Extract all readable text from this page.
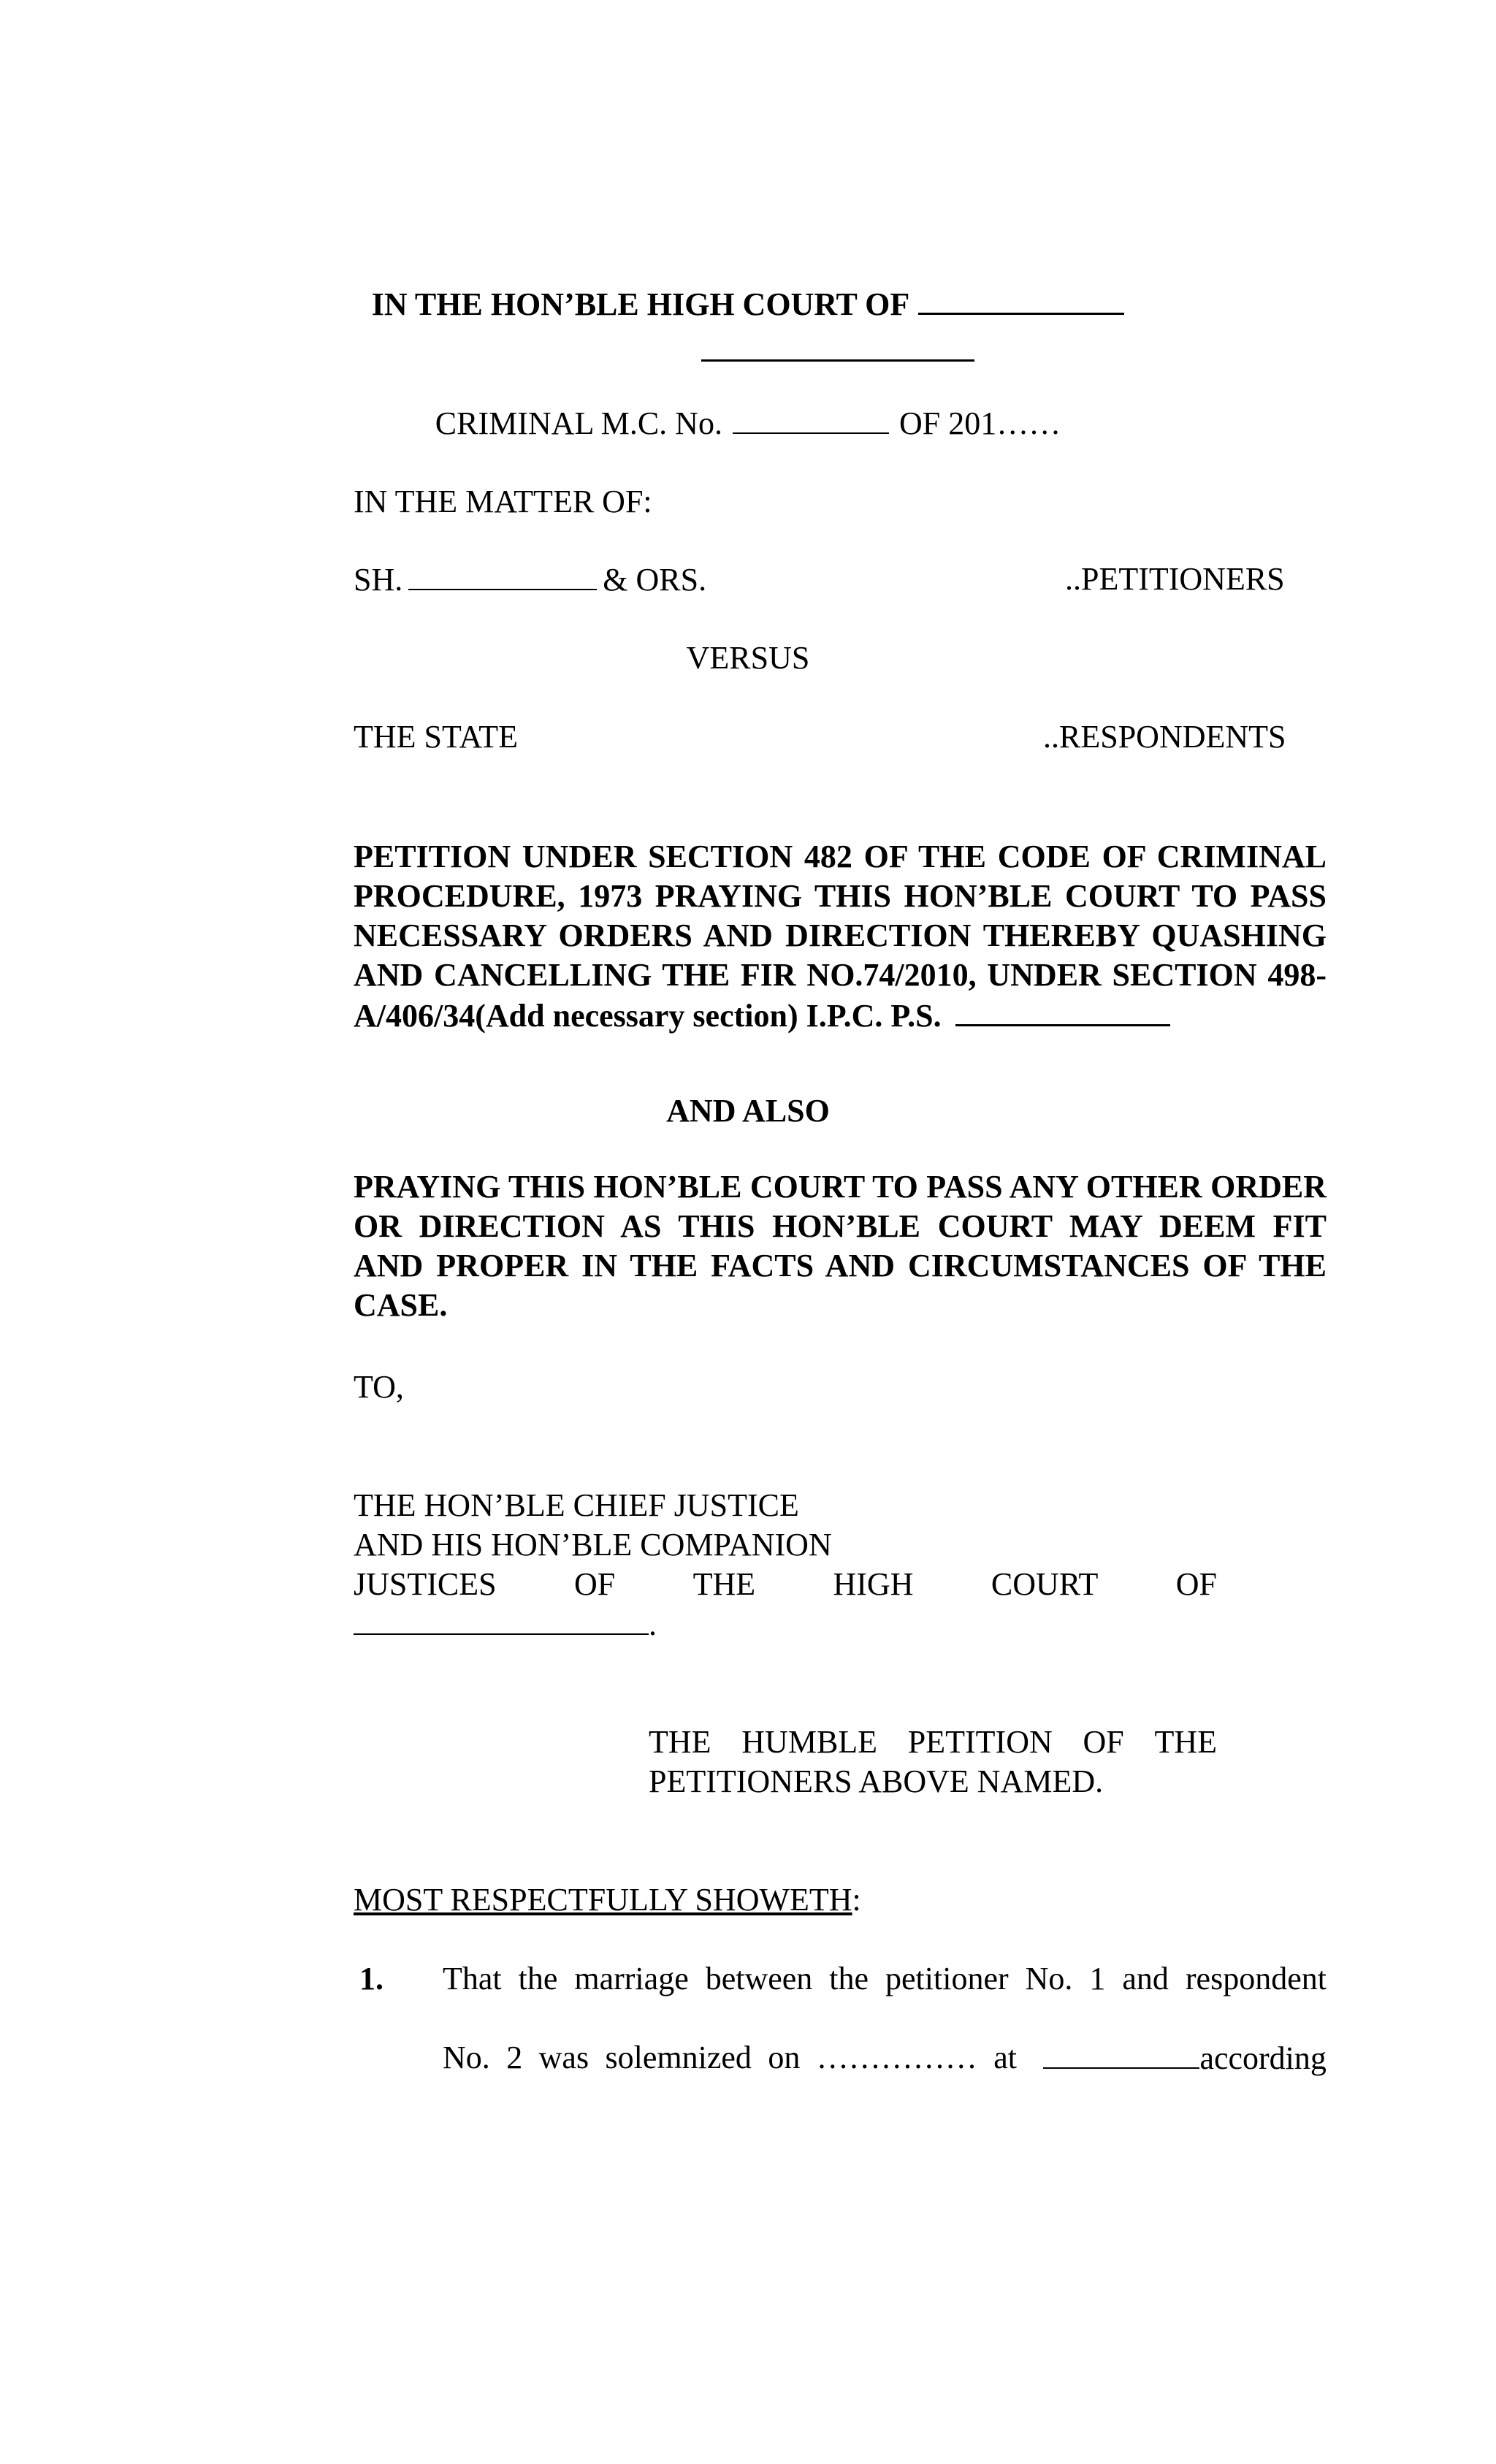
IN THE HON’BLE HIGH COURT OF
CRIMINAL M.C. No.	OF 201……
IN THE MATTER OF:
SH.	& ORS.	..PETITIONERS
VERSUS
THE STATE	..RESPONDENTS
PETITION UNDER SECTION 482 OF THE CODE OF CRIMINAL PROCEDURE, 1973 PRAYING THIS HON’BLE COURT TO PASS NECESSARY ORDERS AND DIRECTION THEREBY QUASHING AND CANCELLING THE FIR NO.74/2010, UNDER SECTION 498-A/406/34(Add necessary section) I.P.C. P.S.
AND ALSO
PRAYING THIS HON’BLE COURT TO PASS ANY OTHER ORDER OR DIRECTION AS THIS HON’BLE COURT MAY DEEM FIT AND PROPER IN THE FACTS AND CIRCUMSTANCES OF THE CASE.
TO,
THE HON’BLE CHIEF JUSTICE
AND HIS HON’BLE COMPANION
JUSTICES OF THE HIGH COURT OF
.
THE HUMBLE PETITION OF THE
PETITIONERS ABOVE NAMED.
MOST RESPECTFULLY SHOWETH:
1. That the marriage between the petitioner No. 1 and respondent
No. 2 was solemnized on …………… at	according
